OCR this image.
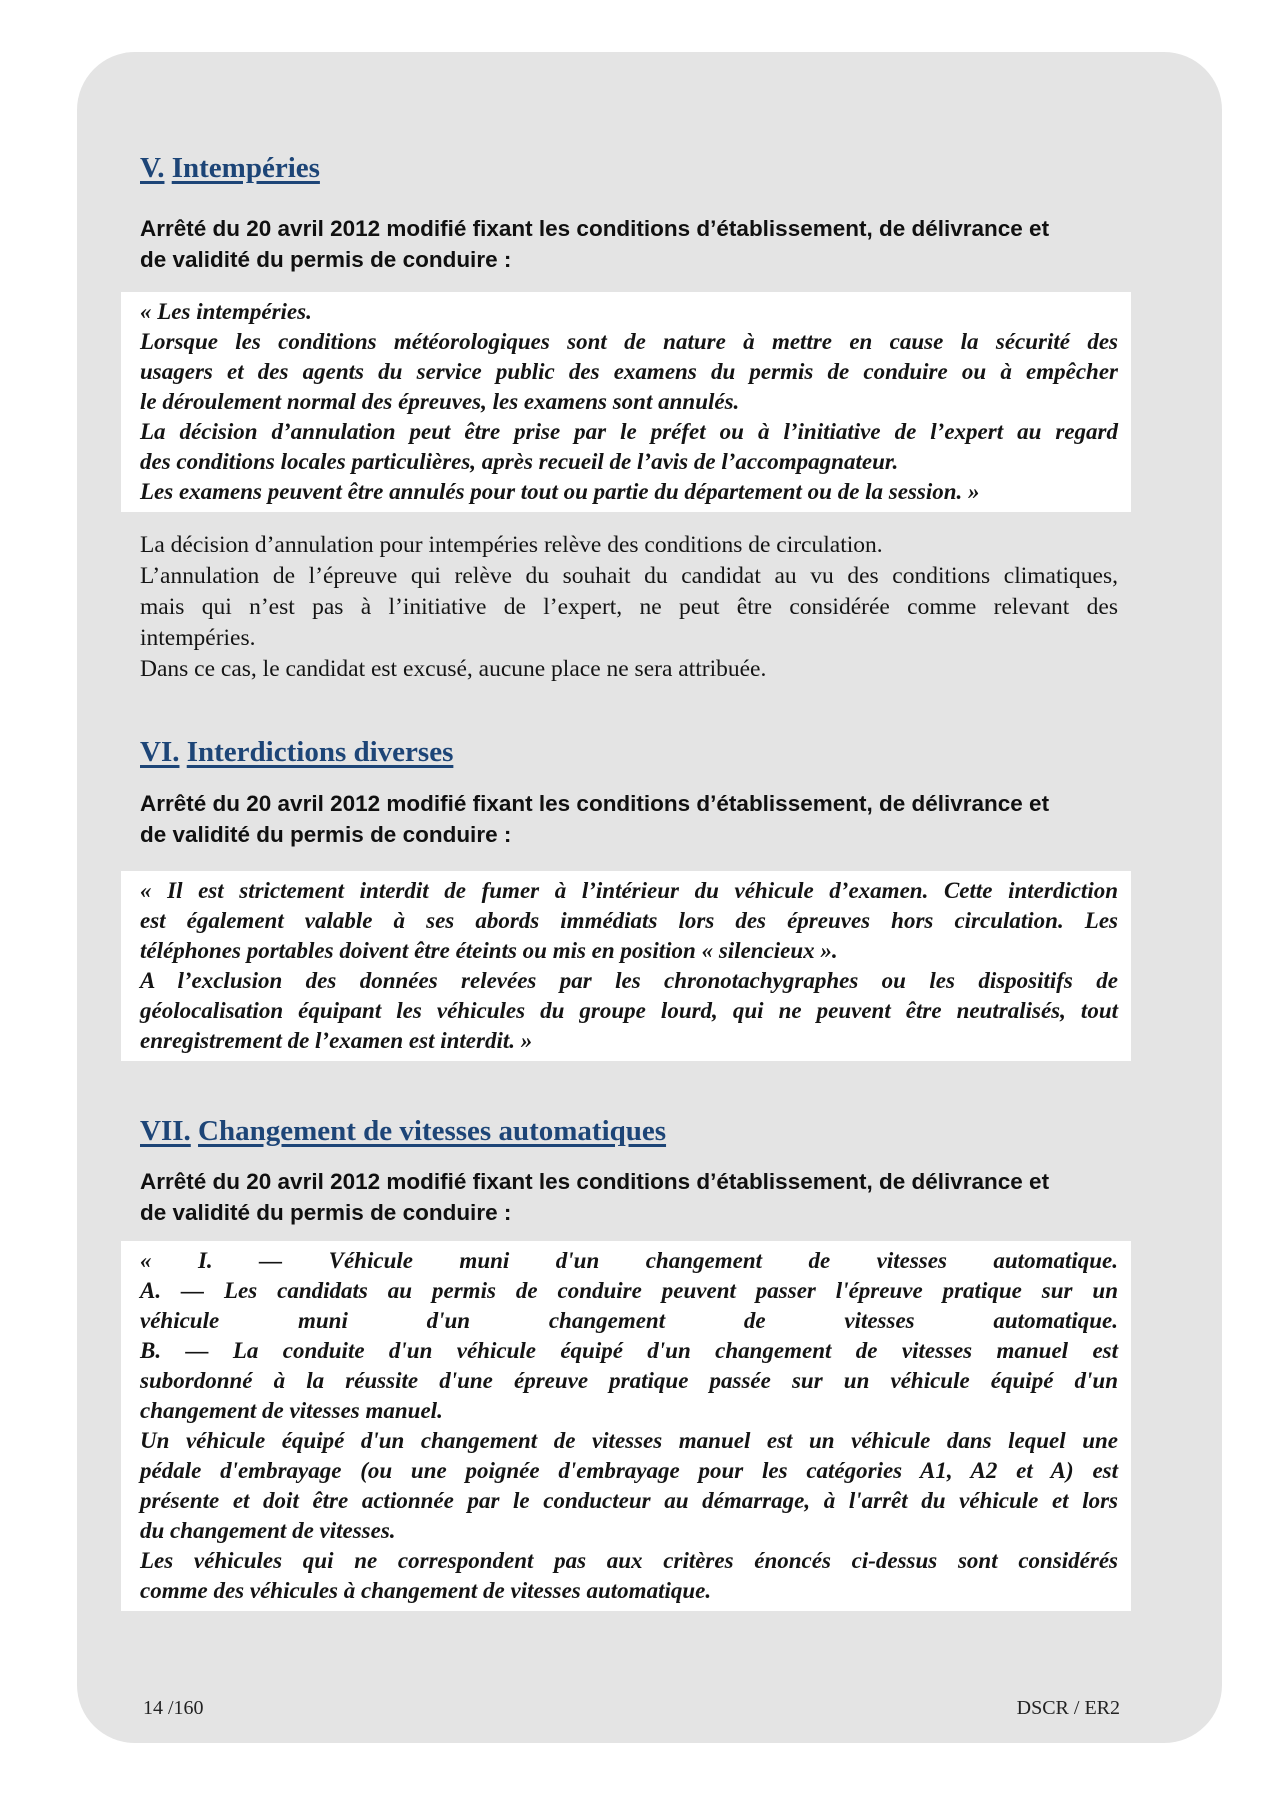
V. Intempéries
Arrêté du 20 avril 2012 modifié fixant les conditions d’établissement, de délivrance et
de validité du permis de conduire :
« Les intempéries.
Lorsque les conditions météorologiques sont de nature à mettre en cause la sécurité des
usagers et des agents du service public des examens du permis de conduire ou à empêcher
le déroulement normal des épreuves, les examens sont annulés.
La décision d’annulation peut être prise par le préfet ou à l’initiative de l’expert au regard
des conditions locales particulières, après recueil de l’avis de l’accompagnateur.
Les examens peuvent être annulés pour tout ou partie du département ou de la session. »
La décision d’annulation pour intempéries relève des conditions de circulation.
L’annulation de l’épreuve qui relève du souhait du candidat au vu des conditions climatiques,
mais qui n’est pas à l’initiative de l’expert, ne peut être considérée comme relevant des
intempéries.
Dans ce cas, le candidat est excusé, aucune place ne sera attribuée.
VI. Interdictions diverses
Arrêté du 20 avril 2012 modifié fixant les conditions d’établissement, de délivrance et
de validité du permis de conduire :
« Il est strictement interdit de fumer à l’intérieur du véhicule d’examen. Cette interdiction
est également valable à ses abords immédiats lors des épreuves hors circulation. Les
téléphones portables doivent être éteints ou mis en position « silencieux ».
A l’exclusion des données relevées par les chronotachygraphes ou les dispositifs de
géolocalisation équipant les véhicules du groupe lourd, qui ne peuvent être neutralisés, tout
enregistrement de l’examen est interdit. »
VII. Changement de vitesses automatiques
Arrêté du 20 avril 2012 modifié fixant les conditions d’établissement, de délivrance et
de validité du permis de conduire :
« I. — Véhicule muni d'un changement de vitesses automatique.
A. — Les candidats au permis de conduire peuvent passer l'épreuve pratique sur un
véhicule muni d'un changement de vitesses automatique.
B. — La conduite d'un véhicule équipé d'un changement de vitesses manuel est
subordonné à la réussite d'une épreuve pratique passée sur un véhicule équipé d'un
changement de vitesses manuel.
Un véhicule équipé d'un changement de vitesses manuel est un véhicule dans lequel une
pédale d'embrayage (ou une poignée d'embrayage pour les catégories A1, A2 et A) est
présente et doit être actionnée par le conducteur au démarrage, à l'arrêt du véhicule et lors
du changement de vitesses.
Les véhicules qui ne correspondent pas aux critères énoncés ci-dessus sont considérés
comme des véhicules à changement de vitesses automatique.
14 /160	DSCR / ER2
